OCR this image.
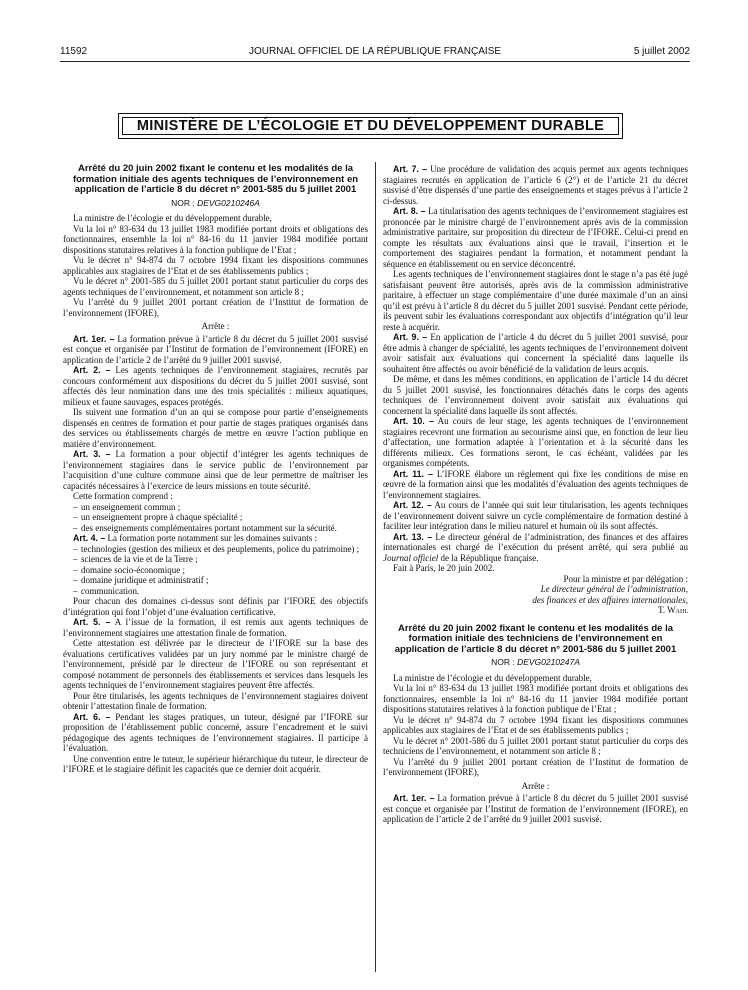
11592	JOURNAL OFFICIEL DE LA RÉPUBLIQUE FRANÇAISE	5 juillet 2002
MINISTÈRE DE L’ÉCOLOGIE ET DU DÉVELOPPEMENT DURABLE
Arrêté du 20 juin 2002 fixant le contenu et les modalités de la formation initiale des agents techniques de l’environnement en application de l’article 8 du décret n° 2001-585 du 5 juillet 2001
NOR : DEVG0210246A

La ministre de l’écologie et du développement durable,

Vu la loi n° 83-634 du 13 juillet 1983 modifiée portant droits et obligations des fonctionnaires, ensemble la loi n° 84-16 du 11 janvier 1984 modifiée portant dispositions statutaires relatives à la fonction publique de l’Etat ;

Vu le décret n° 94-874 du 7 octobre 1994 fixant les dispositions communes applicables aux stagiaires de l’Etat et de ses établissements publics ;

Vu le décret n° 2001-585 du 5 juillet 2001 portant statut particulier du corps des agents techniques de l’environnement, et notamment son article 8 ;

Vu l’arrêté du 9 juillet 2001 portant création de l’Institut de formation de l’environnement (IFORE),

Arrête :

Art. 1er. – La formation prévue à l’article 8 du décret du 5 juillet 2001 susvisé est conçue et organisée par l’Institut de formation de l’environnement (IFORE) en application de l’article 2 de l’arrêté du 9 juillet 2001 susvisé.

Art. 2. – Les agents techniques de l’environnement stagiaires, recrutés par concours conformément aux dispositions du décret du 5 juillet 2001 susvisé, sont affectés dès leur nomination dans une des trois spécialités : milieux aquatiques, milieux et faune sauvages, espaces protégés.

Ils suivent une formation d’un an qui se compose pour partie d’enseignements dispensés en centres de formation et pour partie de stages pratiques organisés dans des services ou établissements chargés de mettre en œuvre l’action publique en matière d’environnement.

Art. 3. – La formation a pour objectif d’intégrer les agents techniques de l’environnement stagiaires dans le service public de l’environnement par l’acquisition d’une culture commune ainsi que de leur permettre de maîtriser les capacités nécessaires à l’exercice de leurs missions en toute sécurité.

Cette formation comprend :

– un enseignement commun ;
– un enseignement propre à chaque spécialité ;
– des enseignements complémentaires portant notamment sur la sécurité.

Art. 4. – La formation porte notamment sur les domaines suivants :

– technologies (gestion des milieux et des peuplements, police du patrimoine) ;
– sciences de la vie et de la Terre ;
– domaine socio-économique ;
– domaine juridique et administratif ;
– communication.

Pour chacun des domaines ci-dessus sont définis par l’IFORE des objectifs d’intégration qui font l’objet d’une évaluation certificative.

Art. 5. – A l’issue de la formation, il est remis aux agents techniques de l’environnement stagiaires une attestation finale de formation.

Cette attestation est délivrée par le directeur de l’IFORE sur la base des évaluations certificatives validées par un jury nommé par le ministre chargé de l’environnement, présidé par le directeur de l’IFORE ou son représentant et composé notamment de personnels des établissements et services dans lesquels les agents techniques de l’environnement stagiaires peuvent être affectés.

Pour être titularisés, les agents techniques de l’environnement stagiaires doivent obtenir l’attestation finale de formation.

Art. 6. – Pendant les stages pratiques, un tuteur, désigné par l’IFORE sur proposition de l’établissement public concerné, assure l’encadrement et le suivi pédagogique des agents techniques de l’environnement stagiaires. Il participe à l’évaluation.

Une convention entre le tuteur, le supérieur hiérarchique du tuteur, le directeur de l’IFORE et le stagiaire définit les capacités que ce dernier doit acquérir.

Art. 7. – Une procédure de validation des acquis permet aux agents techniques stagiaires recrutés en application de l’article 6 (2°) et de l’article 21 du décret susvisé d’être dispensés d’une partie des enseignements et stages prévus à l’article 2 ci-dessus.

Art. 8. – La titularisation des agents techniques de l’environnement stagiaires est prononcée par le ministre chargé de l’environnement après avis de la commission administrative paritaire, sur proposition du directeur de l’IFORE. Celui-ci prend en compte les résultats aux évaluations ainsi que le travail, l’insertion et le comportement des stagiaires pendant la formation, et notamment pendant la séquence en établissement ou en service déconcentré.

Les agents techniques de l’environnement stagiaires dont le stage n’a pas été jugé satisfaisant peuvent être autorisés, après avis de la commission administrative paritaire, à effectuer un stage complémentaire d’une durée maximale d’un an ainsi qu’il est prévu à l’article 8 du décret du 5 juillet 2001 susvisé. Pendant cette période, ils peuvent subir les évaluations correspondant aux objectifs d’intégration qu’il leur reste à acquérir.

Art. 9. – En application de l’article 4 du décret du 5 juillet 2001 susvisé, pour être admis à changer de spécialité, les agents techniques de l’environnement doivent avoir satisfait aux évaluations qui concernent la spécialité dans laquelle ils souhaitent être affectés ou avoir bénéficié de la validation de leurs acquis.

De même, et dans les mêmes conditions, en application de l’article 14 du décret du 5 juillet 2001 susvisé, les fonctionnaires détachés dans le corps des agents techniques de l’environnement doivent avoir satisfait aux évaluations qui concernent la spécialité dans laquelle ils sont affectés.

Art. 10. – Au cours de leur stage, les agents techniques de l’environnement stagiaires recevront une formation au secourisme ainsi que, en fonction de leur lieu d’affectation, une formation adaptée à l’orientation et à la sécurité dans les différents milieux. Ces formations seront, le cas échéant, validées par les organismes compétents.

Art. 11. – L’IFORE élabore un règlement qui fixe les conditions de mise en œuvre de la formation ainsi que les modalités d’évaluation des agents techniques de l’environnement stagiaires.

Art. 12. – Au cours de l’année qui suit leur titularisation, les agents techniques de l’environnement doivent suivre un cycle complémentaire de formation destiné à faciliter leur intégration dans le milieu naturel et humain où ils sont affectés.

Art. 13. – Le directeur général de l’administration, des finances et des affaires internationales est chargé de l’exécution du présent arrêté, qui sera publié au Journal officiel de la République française.

Fait à Paris, le 20 juin 2002.

Pour la ministre et par délégation :

Le directeur général de l’administration,

des finances et des affaires internationales,

T. Wahl

Arrêté du 20 juin 2002 fixant le contenu et les modalités de la formation initiale des techniciens de l’environnement en application de l’article 8 du décret n° 2001-586 du 5 juillet 2001
NOR : DEVG0210247A

La ministre de l’écologie et du développement durable,

Vu la loi n° 83-634 du 13 juillet 1983 modifiée portant droits et obligations des fonctionnaires, ensemble la loi n° 84-16 du 11 janvier 1984 modifiée portant dispositions statutaires relatives à la fonction publique de l’Etat ;

Vu le décret n° 94-874 du 7 octobre 1994 fixant les dispositions communes applicables aux stagiaires de l’Etat et de ses établissements publics ;

Vu le décret n° 2001-586 du 5 juillet 2001 portant statut particulier du corps des techniciens de l’environnement, et notamment son article 8 ;

Vu l’arrêté du 9 juillet 2001 portant création de l’Institut de formation de l’environnement (IFORE),

Arrête :

Art. 1er. – La formation prévue à l’article 8 du décret du 5 juillet 2001 susvisé est conçue et organisée par l’Institut de formation de l’environnement (IFORE), en application de l’article 2 de l’arrêté du 9 juillet 2001 susvisé.
